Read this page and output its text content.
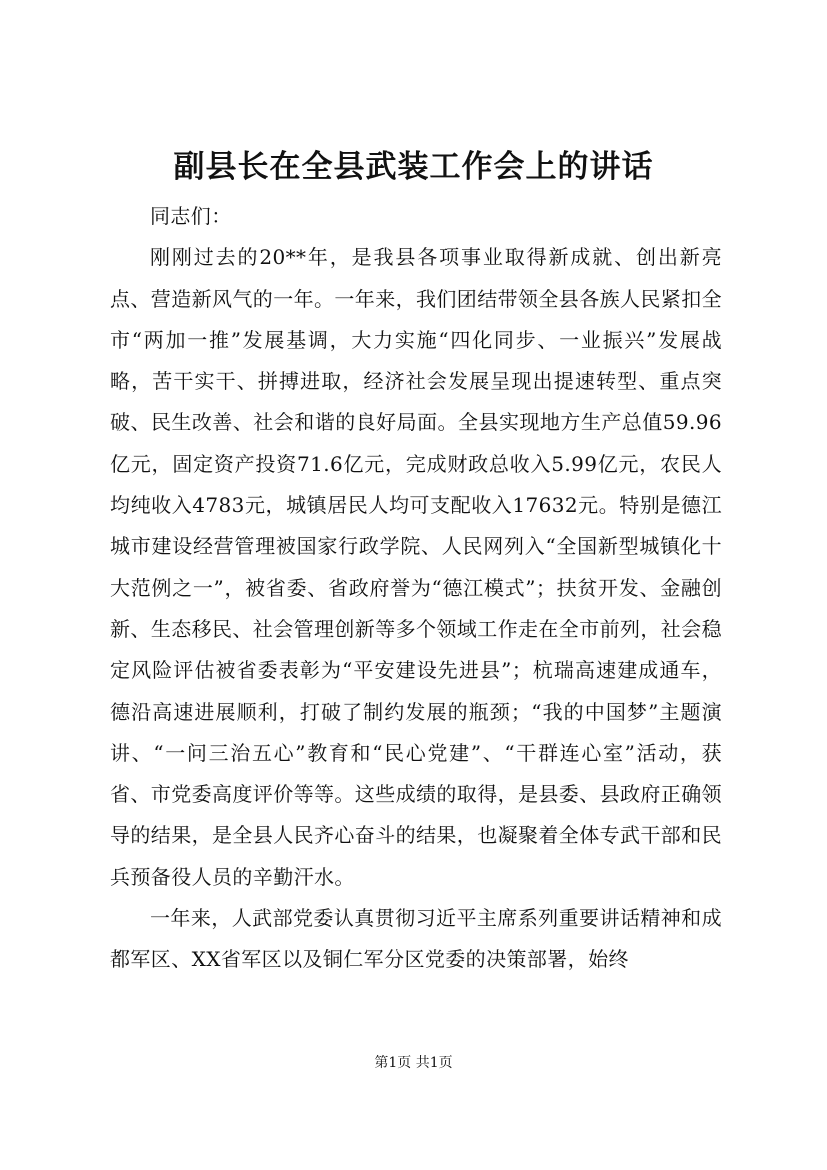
副县长在全县武装工作会上的讲话

同志们：

刚刚过去的20**年，是我县各项事业取得新成就、创出新亮点、营造新风气的一年。一年来，我们团结带领全县各族人民紧扣全市“两加一推”发展基调，大力实施“四化同步、一业振兴”发展战略，苦干实干、拼搏进取，经济社会发展呈现出提速转型、重点突破、民生改善、社会和谐的良好局面。全县实现地方生产总值59.96亿元，固定资产投资71.6亿元，完成财政总收入5.99亿元，农民人均纯收入4783元，城镇居民人均可支配收入17632元。特别是德江城市建设经营管理被国家行政学院、人民网列入“全国新型城镇化十大范例之一”，被省委、省政府誉为“德江模式”；扶贫开发、金融创新、生态移民、社会管理创新等多个领域工作走在全市前列，社会稳定风险评估被省委表彰为“平安建设先进县”；杭瑞高速建成通车，德沿高速进展顺利，打破了制约发展的瓶颈；“我的中国梦”主题演讲、“一问三治五心”教育和“民心党建”、“干群连心室”活动，获省、市党委高度评价等等。这些成绩的取得，是县委、县政府正确领导的结果，是全县人民齐心奋斗的结果，也凝聚着全体专武干部和民兵预备役人员的辛勤汗水。

一年来，人武部党委认真贯彻习近平主席系列重要讲话精神和成都军区、XX省军区以及铜仁军分区党委的决策部署，始终

第1页 共1页
